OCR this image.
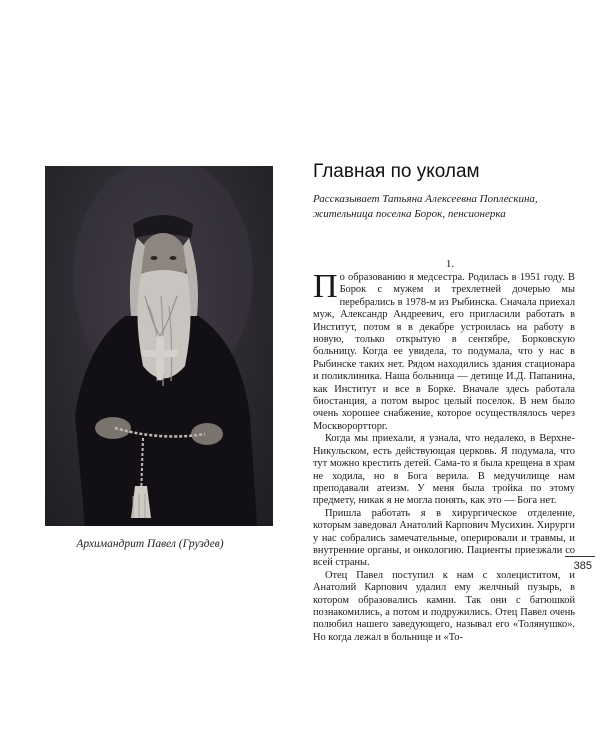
Архимандрит Павел (Груздев)
Главная по уколам

Рассказывает Татьяна Алексеевна Поплескина, жительница поселка Борок, пенсионерка

1.

По образованию я медсестра. Родилась в 1951 году. В Борок с мужем и трехлетней дочерью мы перебрались в 1978-м из Рыбинска. Сначала приехал муж, Александр Андреевич, его пригласили работать в Институт, потом я в декабре устроилась на работу в новую, только открытую в сентябре, Борковскую больницу. Когда ее увидела, то подумала, что у нас в Рыбинске таких нет. Рядом находились здания стационара и поликлиника. Наша больница — детище И.Д. Папанина, как Институт и все в Борке. Вначале здесь работала биостанция, а потом вырос целый поселок. В нем было очень хорошее снабжение, которое осуществлялось через Москворортторг.

Когда мы приехали, я узнала, что недалеко, в Верхне-Никульском, есть действующая церковь. Я подумала, что тут можно крестить детей. Сама-то я была крещена в храм не ходила, но в Бога верила. В медучилище нам преподавали атеизм. У меня была тройка по этому предмету, никак я не могла понять, как это — Бога нет.

Пришла работать я в хирургическое отделение, которым заведовал Анатолий Карпович Мусихин. Хирурги у нас собрались замечательные, оперировали и травмы, и внутренние органы, и онкологию. Пациенты приезжали со всей страны.

Отец Павел поступил к нам с холециститом, и Анатолий Карпович удалил ему желчный пузырь, в котором образовались камни. Так они с батюшкой познакомились, а потом и подружились. Отец Павел очень полюбил нашего заведующего, называл его «Толянушко». Но когда лежал в больнице и «То-

385
